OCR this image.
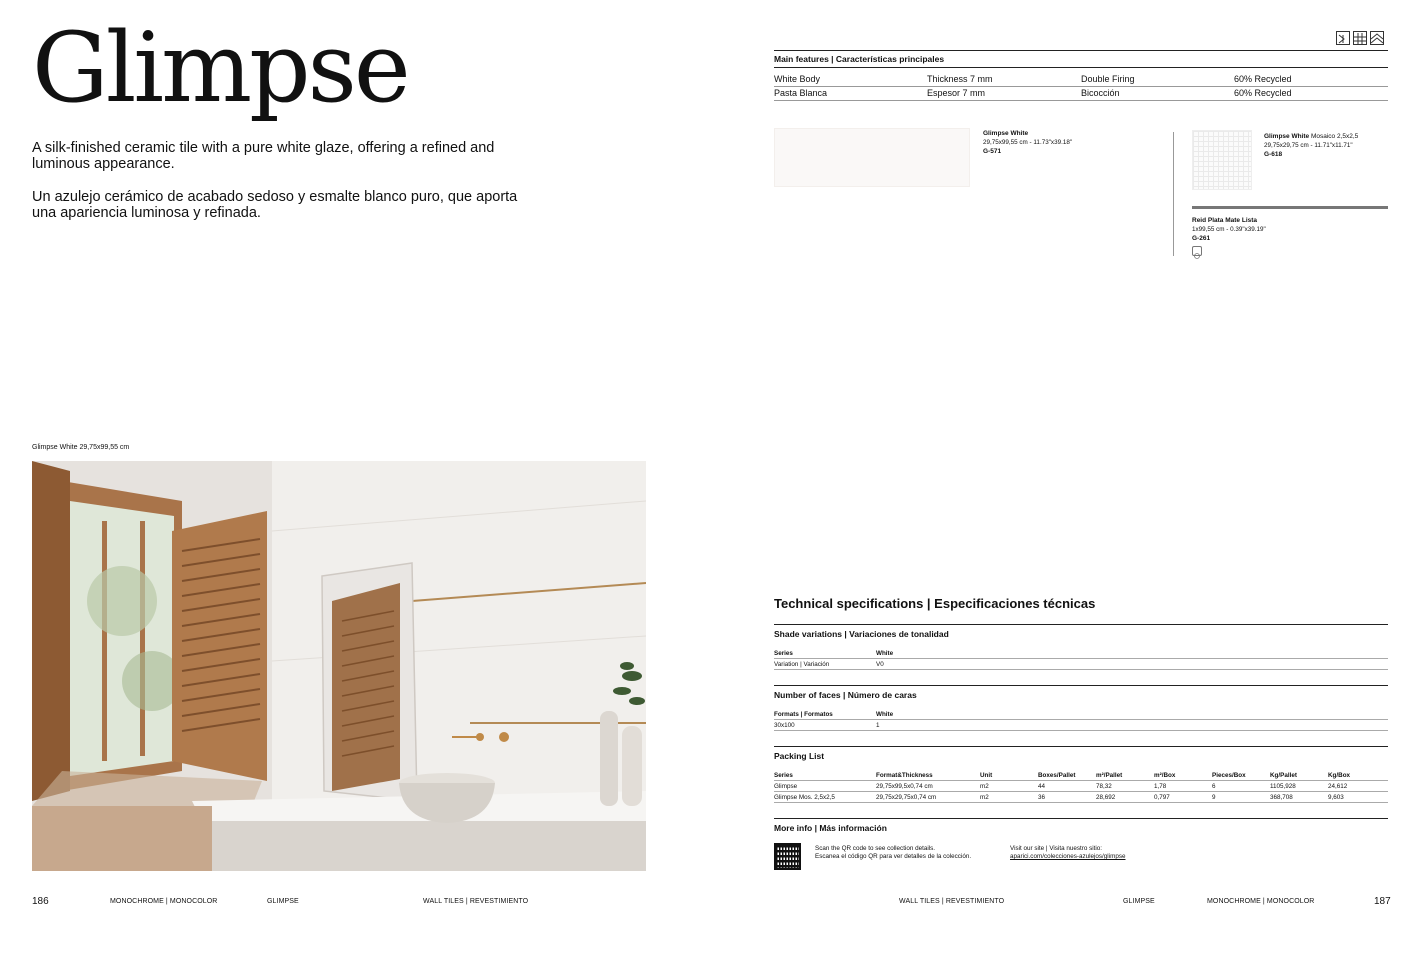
Glimpse

A silk-finished ceramic tile with a pure white glaze, offering a refined and luminous appearance.

Un azulejo cerámico de acabado sedoso y esmalte blanco puro, que aporta una apariencia luminosa y refinada.

Glimpse White 29,75x99,55 cm
186	MONOCHROME | MONOCOLOR	GLIMPSE	WALL TILES | REVESTIMIENTO
Main features | Características principales
White Body	Thickness 7 mm	Double Firing	60% Recycled
Pasta Blanca	Espesor 7 mm	Bicocción	60% Recycled
Glimpse White
29,75x99,55 cm - 11.73"x39.18"
G-571
Glimpse White Mosaico 2,5x2,5
29,75x29,75 cm - 11.71"x11.71"
G-618
Reid Plata Mate Lista
1x99,55 cm - 0.39"x39.19"
G-261
Technical specifications | Especificaciones técnicas
Shade variations | Variaciones de tonalidad
Series	White
Variation | Variación	V0
Number of faces | Número de caras
Formats | Formatos	White
30x100	1
Packing List
Series	Format&Thickness	Unit	Boxes/Pallet	m²/Pallet	m²/Box	Pieces/Box	Kg/Pallet	Kg/Box
Glimpse	29,75x99,5x0,74 cm	m2	44	78,32	1,78	6	1105,928	24,612
Glimpse Mos. 2,5x2,5	29,75x29,75x0,74 cm	m2	36	28,692	0,797	9	368,708	9,603
More info | Más información
Scan the QR code to see collection details.
Escanea el código QR para ver detalles de la colección.
Visit our site | Visita nuestro sitio:
aparici.com/colecciones-azulejos/glimpse
WALL TILES | REVESTIMIENTO	GLIMPSE	MONOCHROME | MONOCOLOR	187
